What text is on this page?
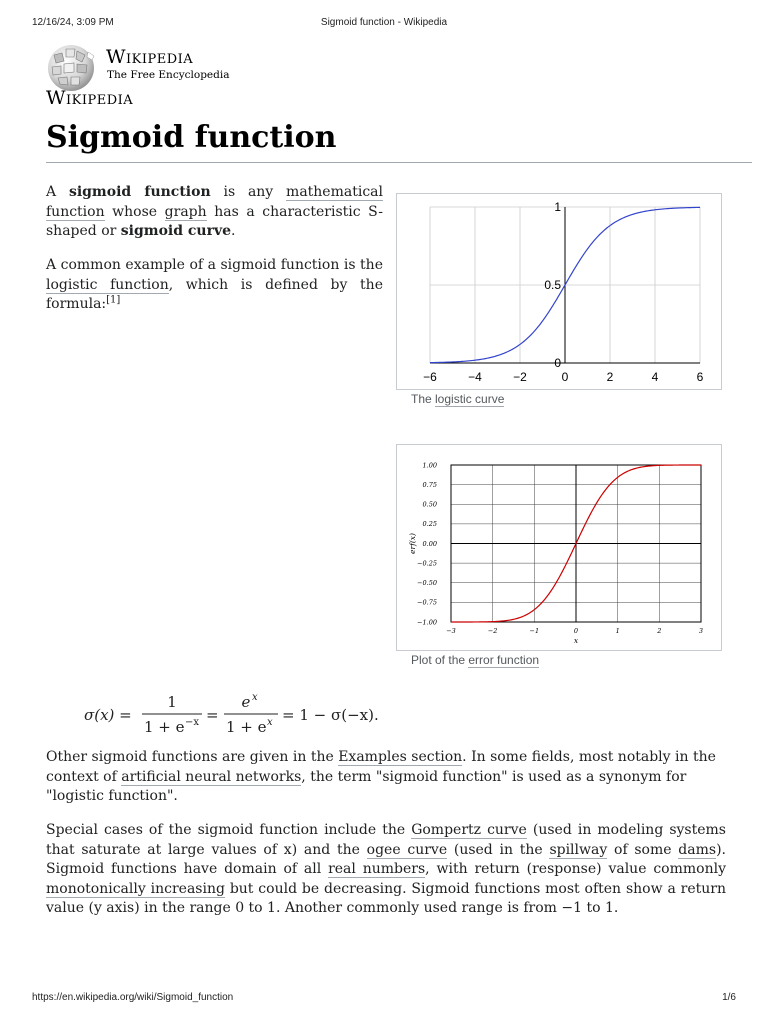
12/16/24, 3:09 PM	Sigmoid function - Wikipedia
Wikipedia
The Free Encyclopedia
Wikipedia
Sigmoid function

A sigmoid function is any mathematical function whose graph has a characteristic S-shaped or sigmoid curve.

A common example of a sigmoid function is the logistic function, which is defined by the formula:[1]

−6	−4	−2	0	2	4	6
0
0.5
1
The logistic curve
−3	−2	−1	0	1	2	3
1.00
0.75
0.50
0.25
0.00
−0.25
−0.50
−0.75
−1.00
x
erf(x)
Plot of the error function
σ(x) =
1
1 + e −x =
e x
1 + e x = 1 − σ(−x).

Other sigmoid functions are given in the Examples section. In some fields, most notably in the context of artificial neural networks, the term "sigmoid function" is used as a synonym for "logistic function".

Special cases of the sigmoid function include the Gompertz curve (used in modeling systems that saturate at large values of x) and the ogee curve (used in the spillway of some dams). Sigmoid functions have domain of all real numbers, with return (response) value commonly monotonically increasing but could be decreasing. Sigmoid functions most often show a return value (y axis) in the range 0 to 1. Another commonly used range is from −1 to 1.

https://en.wikipedia.org/wiki/Sigmoid_function	1/6
